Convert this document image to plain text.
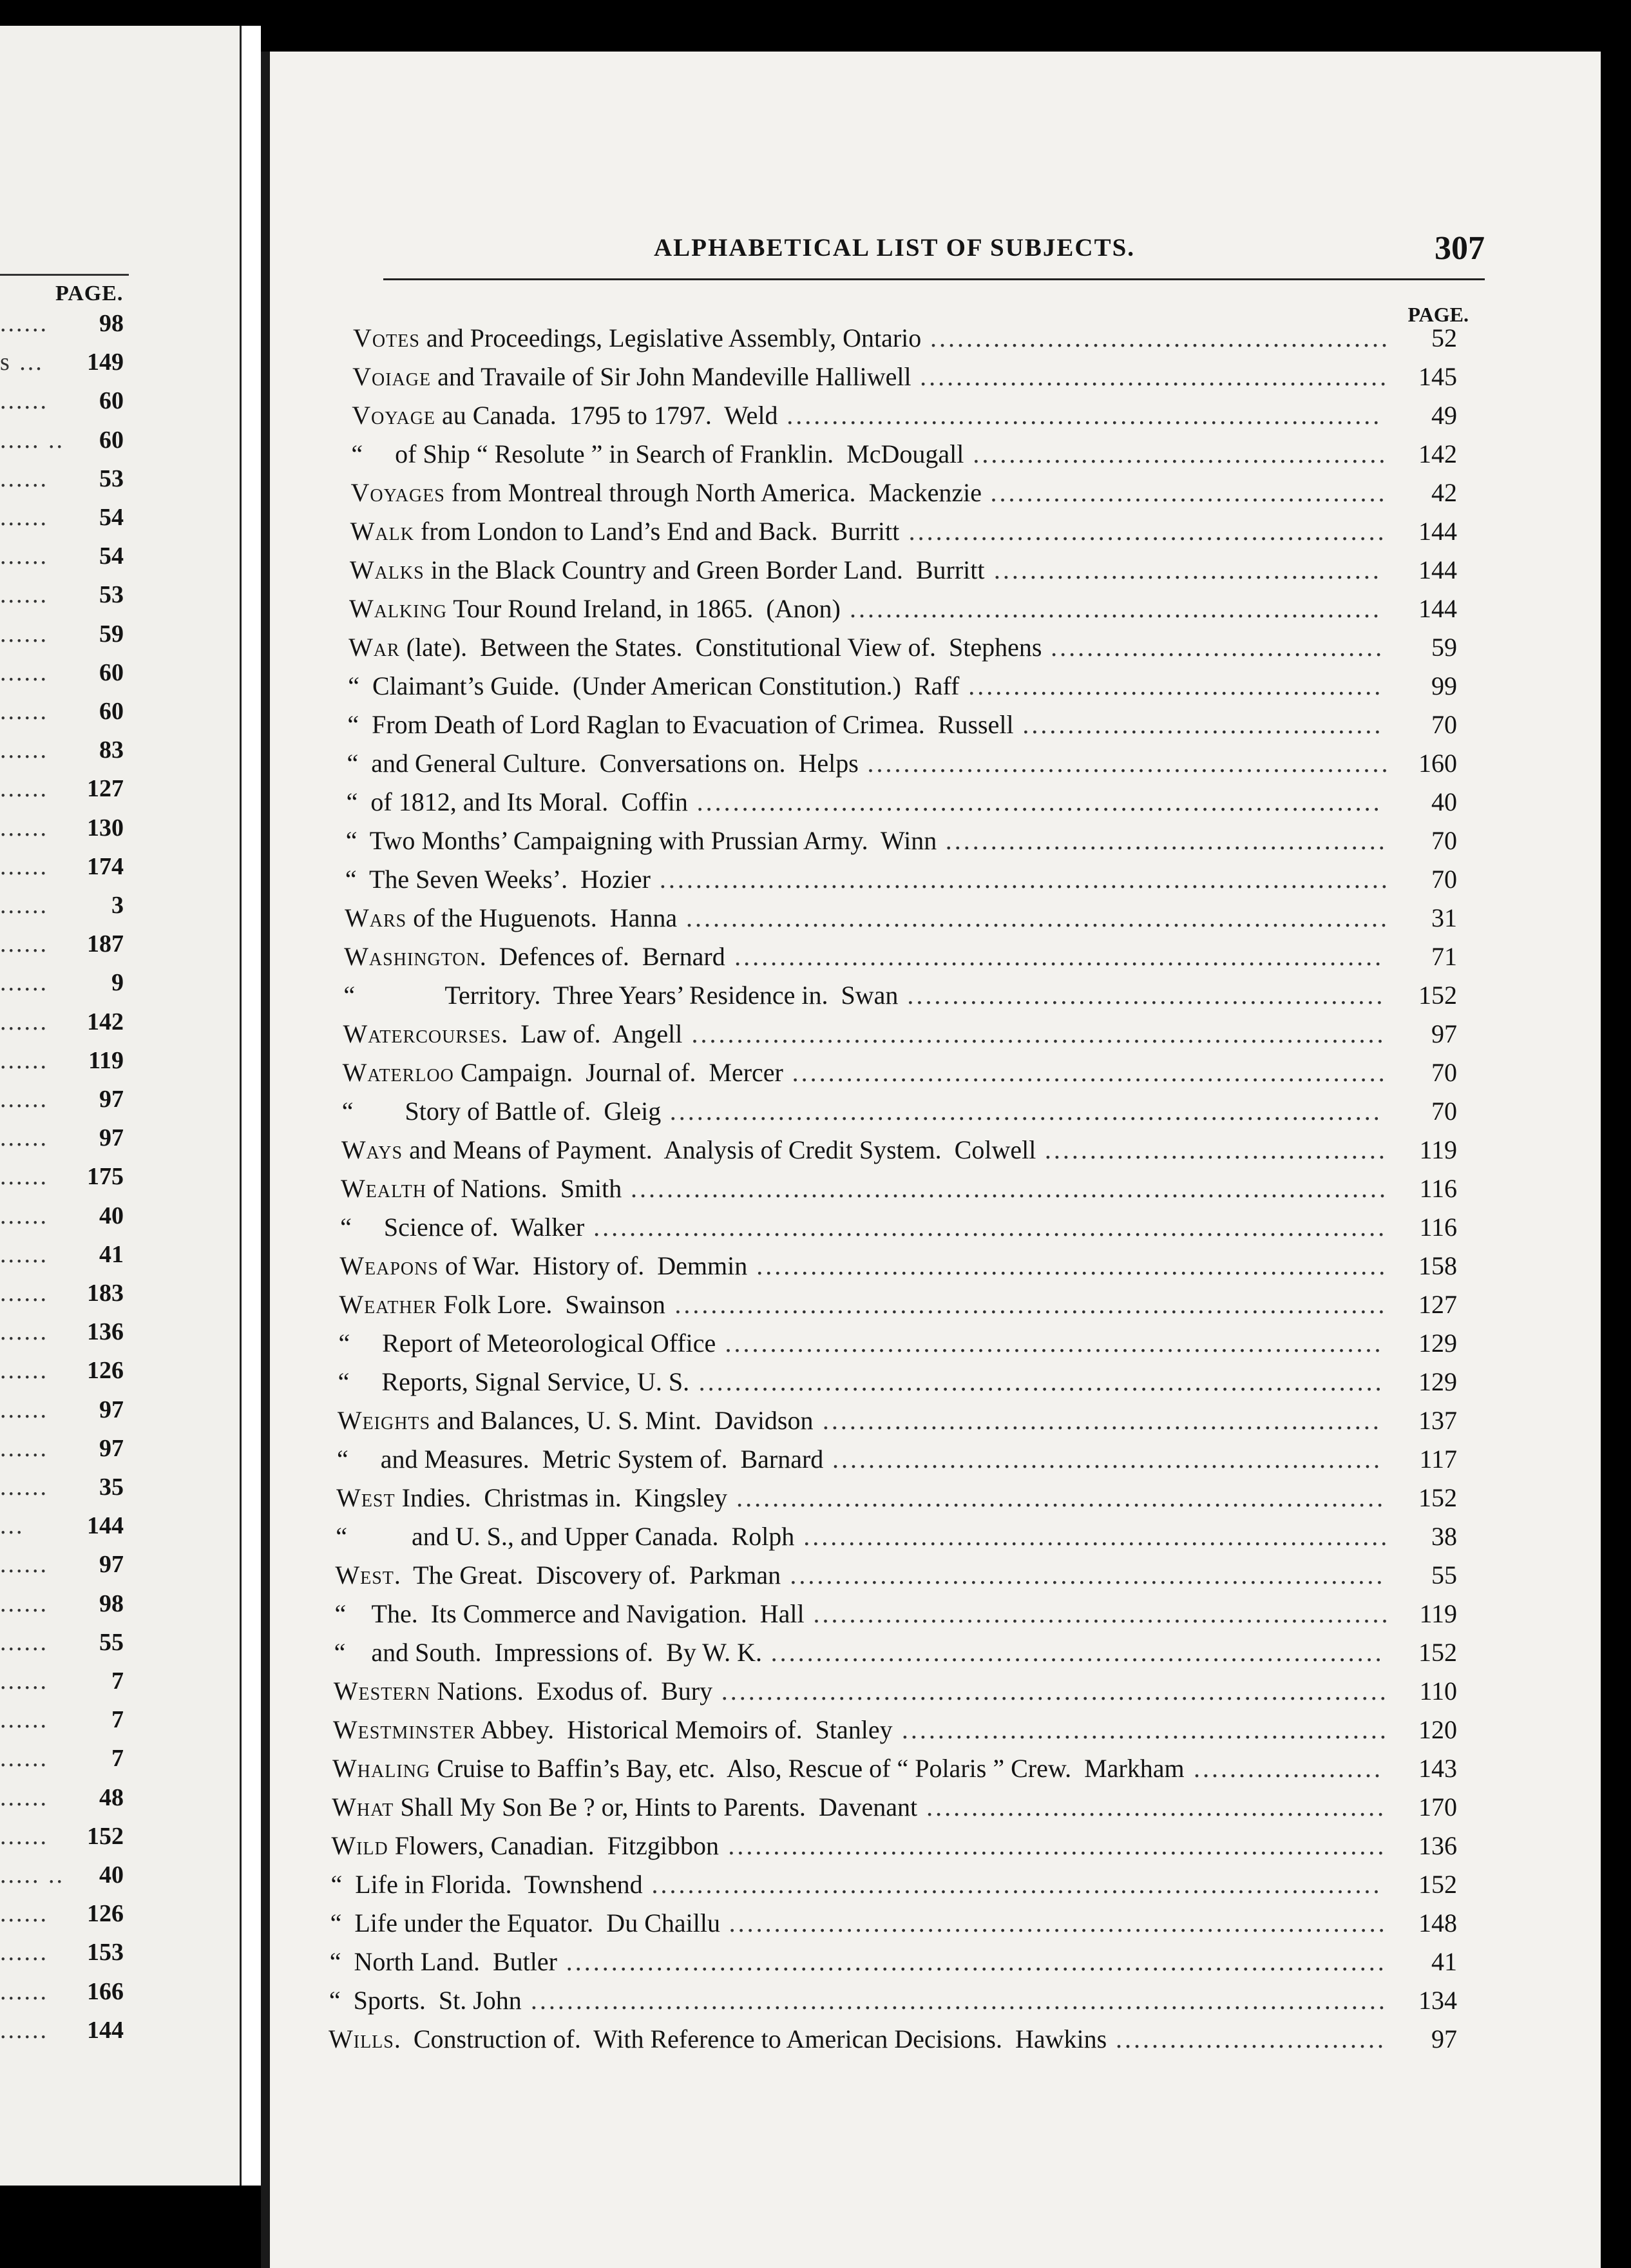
PAGE.
...... 98
s ... 149
...... 60
..... .. 60
...... 53
...... 54
...... 54
...... 53
...... 59
...... 60
...... 60
...... 83
...... 127
...... 130
...... 174
......	3
...... 187
......	9
...... 142
...... 119
...... 97
...... 97
...... 175
...... 40
...... 41
...... 183
...... 136
...... 126
...... 97
...... 97
...... 35
...	144
...... 97
...... 98
...... 55
......	7
......	7
......	7
...... 48
...... 152
..... .. 40
...... 126
...... 153
...... 166
...... 144
ALPHABETICAL LIST OF SUBJECTS.	307
PAGE.
Votes and Proceedings, Legislative Assembly, Ontario ...................................................	52
Voiage and Travaile of Sir John Mandeville Halliwell ....................................................	145
Voyage au Canada.  1795 to 1797.  Weld ..................................................................	49
“     of Ship “ Resolute ” in Search of Franklin.  McDougall ..............................................	142
Voyages from Montreal through North America.  Mackenzie ............................................	42
Walk from London to Land’s End and Back.  Burritt .....................................................	144
Walks in the Black Country and Green Border Land.  Burritt ...........................................	144
Walking Tour Round Ireland, in 1865.  (Anon) ...........................................................	144
War (late).  Between the States.  Constitutional View of.  Stephens .....................................	59
“  Claimant’s Guide.  (Under American Constitution.)  Raff ..............................................	99
“  From Death of Lord Raglan to Evacuation of Crimea.  Russell ........................................	70
“  and General Culture.  Conversations on.  Helps ..........................................................	160
“  of 1812, and Its Moral.  Coffin ............................................................................	40
“  Two Months’ Campaigning with Prussian Army.  Winn .................................................	70
“  The Seven Weeks’.  Hozier .................................................................................	70
Wars of the Huguenots.  Hanna ..............................................................................	31
Washington.  Defences of.  Bernard ........................................................................	71
“              Territory.  Three Years’ Residence in.  Swan .....................................................	152
Watercourses.  Law of.  Angell .............................................................................	97
Waterloo Campaign.  Journal of.  Mercer ..................................................................	70
“        Story of Battle of.  Gleig ...............................................................................	70
Ways and Means of Payment.  Analysis of Credit System.  Colwell ......................................	119
Wealth of Nations.  Smith ....................................................................................	116
“     Science of.  Walker ........................................................................................	116
Weapons of War.  History of.  Demmin ......................................................................	158
Weather Folk Lore.  Swainson ...............................................................................	127
“     Report of Meteorological Office .........................................................................	129
“     Reports, Signal Service, U. S. ............................................................................	129
Weights and Balances, U. S. Mint.  Davidson ..............................................................	137
“     and Measures.  Metric System of.  Barnard .............................................................	117
West Indies.  Christmas in.  Kingsley ........................................................................	152
“          and U. S., and Upper Canada.  Rolph .................................................................	38
West.  The Great.  Discovery of.  Parkman ..................................................................	55
“    The.  Its Commerce and Navigation.  Hall ................................................................	119
“    and South.  Impressions of.  By W. K. ....................................................................	152
Western Nations.  Exodus of.  Bury ..........................................................................	110
Westminster Abbey.  Historical Memoirs of.  Stanley ......................................................	120
Whaling Cruise to Baffin’s Bay, etc.  Also, Rescue of “ Polaris ” Crew.  Markham .....................	143
What Shall My Son Be ? or, Hints to Parents.  Davenant ...................................................	170
Wild Flowers, Canadian.  Fitzgibbon .........................................................................	136
“  Life in Florida.  Townshend .................................................................................	152
“  Life under the Equator.  Du Chaillu .........................................................................	148
“  North Land.  Butler ...........................................................................................	41
“  Sports.  St. John ...............................................................................................	134
Wills.  Construction of.  With Reference to American Decisions.  Hawkins ..............................	97
